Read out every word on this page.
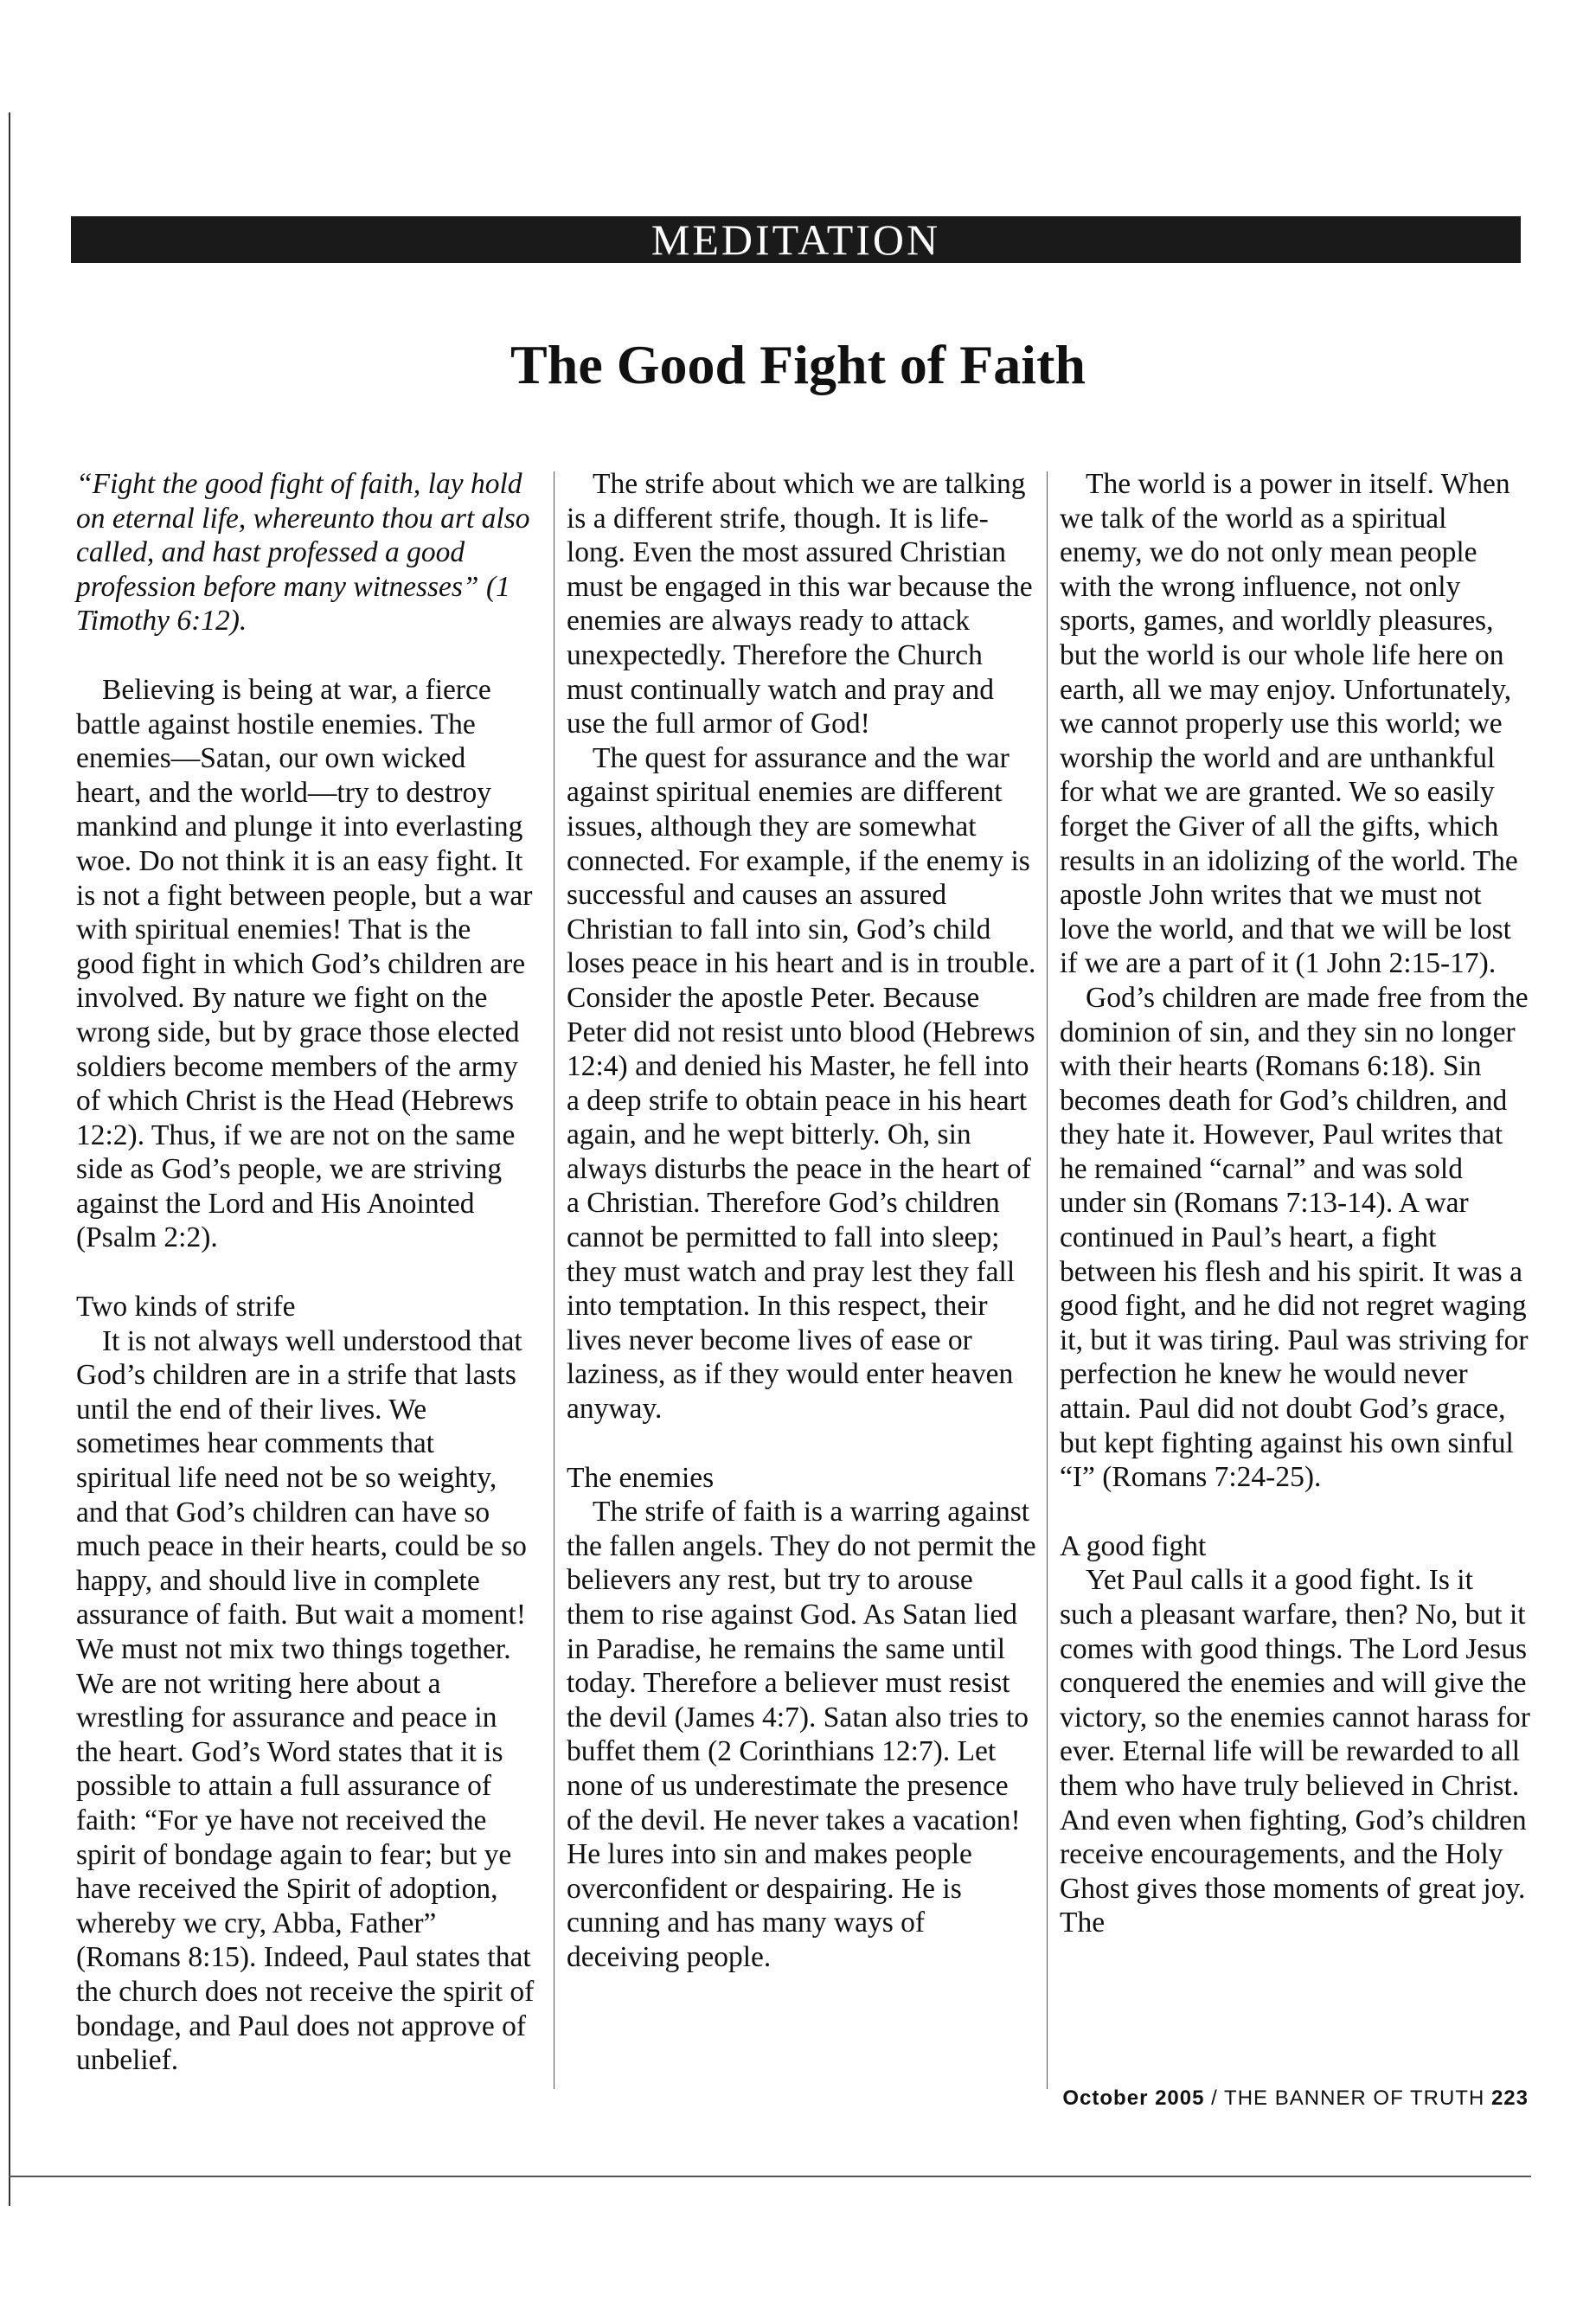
MEDITATION
The Good Fight of Faith

“Fight the good fight of faith, lay hold on eternal life, whereunto thou art also called, and hast professed a good profession before many witnesses” (1 Timothy 6:12).

Believing is being at war, a fierce battle against hostile enemies. The enemies—Satan, our own wicked heart, and the world—try to destroy mankind and plunge it into everlasting woe. Do not think it is an easy fight. It is not a fight between people, but a war with spiritual enemies! That is the good fight in which God’s children are involved. By nature we fight on the wrong side, but by grace those elected soldiers become members of the army of which Christ is the Head (Hebrews 12:2). Thus, if we are not on the same side as God’s people, we are striving against the Lord and His Anointed (Psalm 2:2).

Two kinds of strife

It is not always well understood that God’s children are in a strife that lasts until the end of their lives. We sometimes hear comments that spiritual life need not be so weighty, and that God’s children can have so much peace in their hearts, could be so happy, and should live in complete assurance of faith. But wait a moment! We must not mix two things together. We are not writing here about a wrestling for assurance and peace in the heart. God’s Word states that it is possible to attain a full assurance of faith: “For ye have not received the spirit of bondage again to fear; but ye have received the Spirit of adoption, whereby we cry, Abba, Father” (Romans 8:15). Indeed, Paul states that the church does not receive the spirit of bondage, and Paul does not approve of unbelief.

The strife about which we are talking is a different strife, though. It is life-long. Even the most assured Christian must be engaged in this war because the enemies are always ready to attack unexpectedly. Therefore the Church must continually watch and pray and use the full armor of God!

The quest for assurance and the war against spiritual enemies are different issues, although they are somewhat connected. For example, if the enemy is successful and causes an assured Christian to fall into sin, God’s child loses peace in his heart and is in trouble. Consider the apostle Peter. Because Peter did not resist unto blood (Hebrews 12:4) and denied his Master, he fell into a deep strife to obtain peace in his heart again, and he wept bitterly. Oh, sin always disturbs the peace in the heart of a Christian. Therefore God’s children cannot be permitted to fall into sleep; they must watch and pray lest they fall into temptation. In this respect, their lives never become lives of ease or laziness, as if they would enter heaven anyway.

The enemies

The strife of faith is a warring against the fallen angels. They do not permit the believers any rest, but try to arouse them to rise against God. As Satan lied in Paradise, he remains the same until today. Therefore a believer must resist the devil (James 4:7). Satan also tries to buffet them (2 Corinthians 12:7). Let none of us underestimate the presence of the devil. He never takes a vacation! He lures into sin and makes people overconfident or despairing. He is cunning and has many ways of deceiving people.

The world is a power in itself. When we talk of the world as a spiritual enemy, we do not only mean people with the wrong influence, not only sports, games, and worldly pleasures, but the world is our whole life here on earth, all we may enjoy. Unfortunately, we cannot properly use this world; we worship the world and are unthankful for what we are granted. We so easily forget the Giver of all the gifts, which results in an idolizing of the world. The apostle John writes that we must not love the world, and that we will be lost if we are a part of it (1 John 2:15-17).

God’s children are made free from the dominion of sin, and they sin no longer with their hearts (Romans 6:18). Sin becomes death for God’s children, and they hate it. However, Paul writes that he remained “carnal” and was sold under sin (Romans 7:13-14). A war continued in Paul’s heart, a fight between his flesh and his spirit. It was a good fight, and he did not regret waging it, but it was tiring. Paul was striving for perfection he knew he would never attain. Paul did not doubt God’s grace, but kept fighting against his own sinful “I” (Romans 7:24-25).

A good fight

Yet Paul calls it a good fight. Is it such a pleasant warfare, then? No, but it comes with good things. The Lord Jesus conquered the enemies and will give the victory, so the enemies cannot harass for ever. Eternal life will be rewarded to all them who have truly believed in Christ. And even when fighting, God’s children receive encouragements, and the Holy Ghost gives those moments of great joy. The

October 2005 / THE BANNER OF TRUTH 223
